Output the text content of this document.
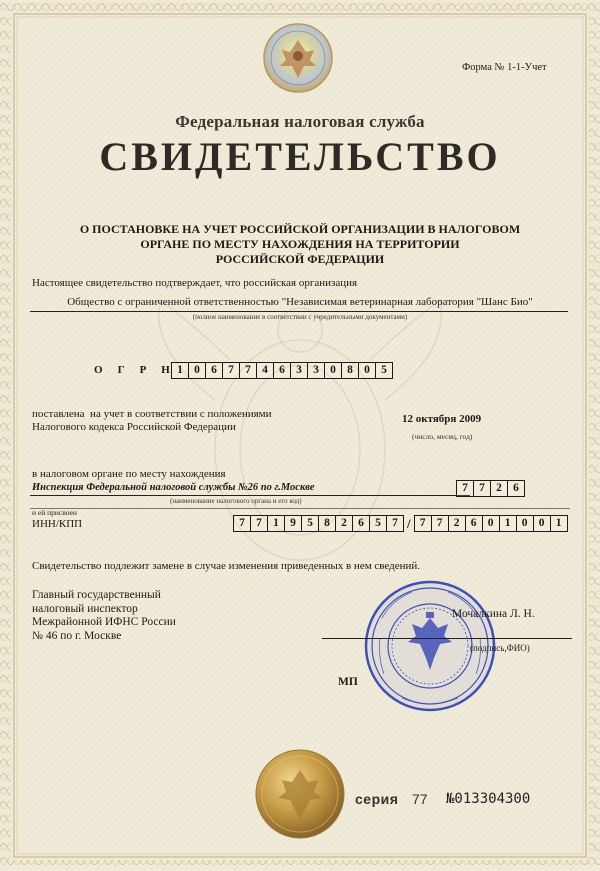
Форма № 1-1-Учет
Федеральная налоговая служба
СВИДЕТЕЛЬСТВО
О ПОСТАНОВКЕ НА УЧЕТ РОССИЙСКОЙ ОРГАНИЗАЦИИ В НАЛОГОВОМ
ОРГАНЕ ПО МЕСТУ НАХОЖДЕНИЯ НА ТЕРРИТОРИИ
РОССИЙСКОЙ ФЕДЕРАЦИИ
Настоящее свидетельство подтверждает, что российская организация
Общество с ограниченной ответственностью "Независимая ветеринарная лаборатория "Шанс Био"
(полное наименование в соответствии с учредительными документами)
О Г Р Н 1 0 6 7 7 4 6 3 3 0 8 0 5
поставлена  на учет в соответствии с положениями
Налогового кодекса Российской Федерации
12 октября 2009
(число, месяц, год)
в налоговом органе по месту нахождения
Инспекция Федеральной налоговой службы №26 по г.Москве
(наименование налогового органа и его код)
7 7 2 6
и ей присвоен
ИНН/КПП	7 7 1 9 5 8 2 6 5 7 / 7 7 2 6 0 1 0 0 1
Свидетельство подлежит замене в случае изменения приведенных в нем сведений.
Главный государственный
налоговый инспектор
Межрайонной ИФНС России
№ 46 по г. Москве
Мочалкина Л. Н.
(подпись,ФИО)
МП
серия 77 №013304300
